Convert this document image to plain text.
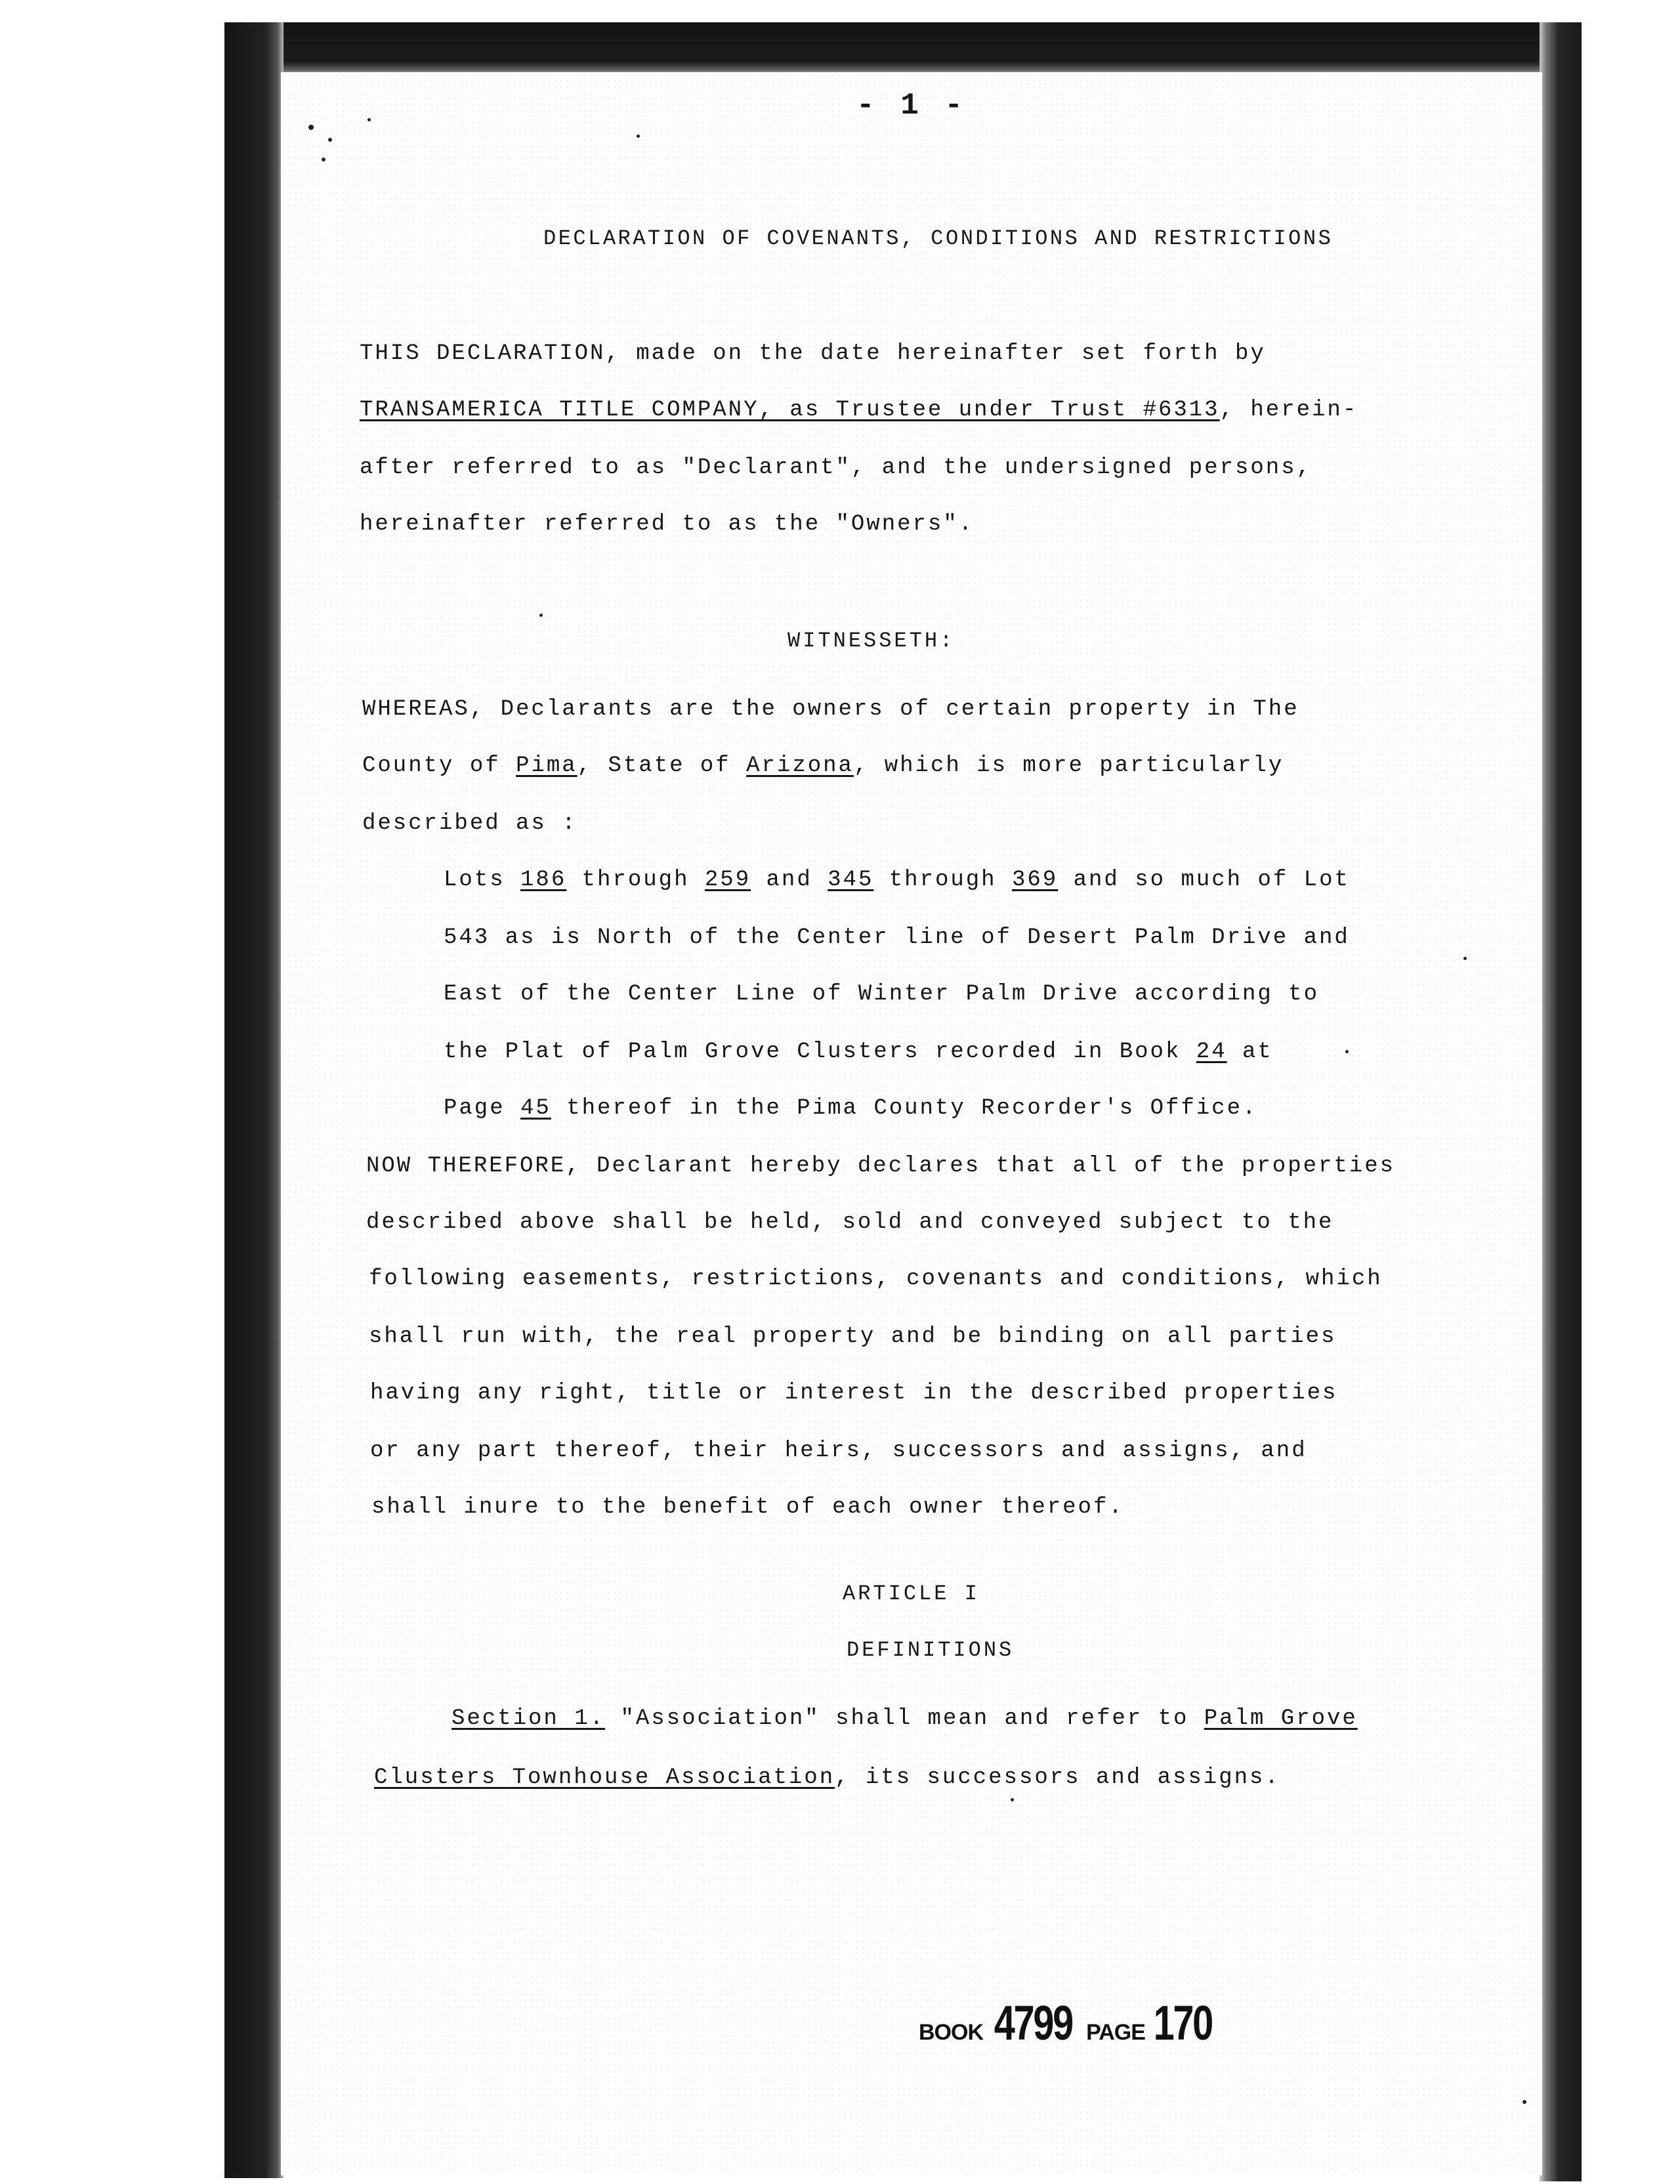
- 1 -
DECLARATION OF COVENANTS, CONDITIONS AND RESTRICTIONS
THIS DECLARATION, made on the date hereinafter set forth by
TRANSAMERICA TITLE COMPANY, as Trustee under Trust #6313, herein-
after referred to as "Declarant", and the undersigned persons,
hereinafter referred to as the "Owners".
WITNESSETH:
WHEREAS, Declarants are the owners of certain property in The
County of Pima, State of Arizona, which is more particularly
described as :
Lots 186 through 259 and 345 through 369 and so much of Lot
543 as is North of the Center line of Desert Palm Drive and
East of the Center Line of Winter Palm Drive according to
the Plat of Palm Grove Clusters recorded in Book 24 at
Page 45 thereof in the Pima County Recorder's Office.
NOW THEREFORE, Declarant hereby declares that all of the properties
described above shall be held, sold and conveyed subject to the
following easements, restrictions, covenants and conditions, which
shall run with, the real property and be binding on all parties
having any right, title or interest in the described properties
or any part thereof, their heirs, successors and assigns, and
shall inure to the benefit of each owner thereof.
ARTICLE I
DEFINITIONS
Section 1. "Association" shall mean and refer to Palm Grove
Clusters Townhouse Association, its successors and assigns.
BOOK 4799 PAGE 170
